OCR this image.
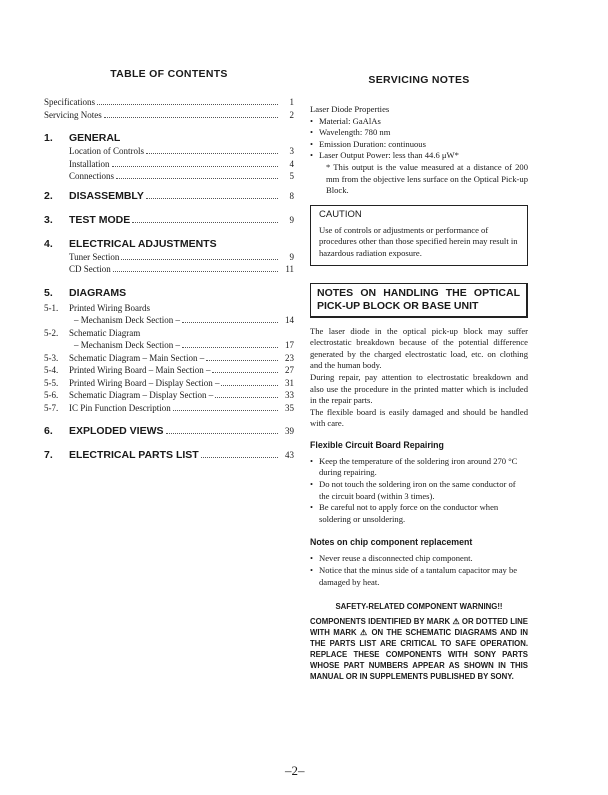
TABLE OF CONTENTS
Specifications	1
Servicing Notes	2
1.	GENERAL
Location of Controls	3
Installation	4
Connections	5
2.	DISASSEMBLY	8
3.	TEST MODE	9
4.	ELECTRICAL ADJUSTMENTS
Tuner Section	9
CD Section	11
5.	DIAGRAMS
5-1.	Printed Wiring Boards
– Mechanism Deck Section –	14
5-2.	Schematic Diagram
– Mechanism Deck Section –	17
5-3.	Schematic Diagram – Main Section –	23
5-4.	Printed Wiring Board – Main Section –	27
5-5.	Printed Wiring Board – Display Section –	31
5-6.	Schematic Diagram – Display Section –	33
5-7.	IC Pin Function Description	35
6.	EXPLODED VIEWS	39
7.	ELECTRICAL PARTS LIST	43
SERVICING NOTES
Laser Diode Properties
• Material: GaAlAs
• Wavelength: 780 nm
• Emission Duration: continuous
• Laser Output Power: less than 44.6 μW*
* This output is the value measured at a distance of 200 mm from the objective lens surface on the Optical Pick-up Block.
CAUTION
Use of controls or adjustments or performance of procedures other than those specified herein may result in hazardous radiation exposure.
NOTES ON HANDLING THE OPTICAL PICK-UP BLOCK OR BASE UNIT
The laser diode in the optical pick-up block may suffer electrostatic breakdown because of the potential difference generated by the charged electrostatic load, etc. on clothing and the human body.
During repair, pay attention to electrostatic breakdown and also use the procedure in the printed matter which is included in the repair parts.
The flexible board is easily damaged and should be handled with care.
Flexible Circuit Board Repairing
• Keep the temperature of the soldering iron around 270 °C during repairing.
• Do not touch the soldering iron on the same conductor of the circuit board (within 3 times).
• Be careful not to apply force on the conductor when soldering or unsoldering.
Notes on chip component replacement
• Never reuse a disconnected chip component.
• Notice that the minus side of a tantalum capacitor may be damaged by heat.
SAFETY-RELATED COMPONENT WARNING!!
COMPONENTS IDENTIFIED BY MARK ⚠ OR DOTTED LINE WITH MARK ⚠ ON THE SCHEMATIC DIAGRAMS AND IN THE PARTS LIST ARE CRITICAL TO SAFE OPERATION. REPLACE THESE COMPONENTS WITH SONY PARTS WHOSE PART NUMBERS APPEAR AS SHOWN IN THIS MANUAL OR IN SUPPLEMENTS PUBLISHED BY SONY.
–2–
